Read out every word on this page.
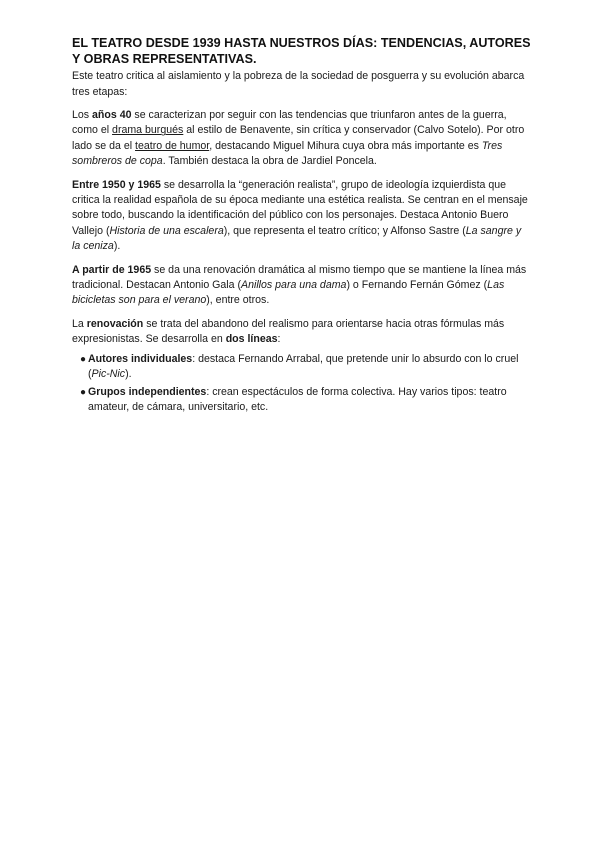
EL TEATRO DESDE 1939 HASTA NUESTROS DÍAS: TENDENCIAS, AUTORES Y OBRAS REPRESENTATIVAS.

Este teatro critica al aislamiento y la pobreza de la sociedad de posguerra y su evolución abarca tres etapas:

Los años 40 se caracterizan por seguir con las tendencias que triunfaron antes de la guerra, como el drama burgués al estilo de Benavente, sin crítica y conservador (Calvo Sotelo). Por otro lado se da el teatro de humor, destacando Miguel Mihura cuya obra más importante es Tres sombreros de copa. También destaca la obra de Jardiel Poncela.

Entre 1950 y 1965 se desarrolla la “generación realista”, grupo de ideología izquierdista que critica la realidad española de su época mediante una estética realista. Se centran en el mensaje sobre todo, buscando la identificación del público con los personajes. Destaca Antonio Buero Vallejo (Historia de una escalera), que representa el teatro crítico; y Alfonso Sastre (La sangre y la ceniza).

A partir de 1965 se da una renovación dramática al mismo tiempo que se mantiene la línea más tradicional. Destacan Antonio Gala (Anillos para una dama) o Fernando Fernán Gómez (Las bicicletas son para el verano), entre otros.

La renovación se trata del abandono del realismo para orientarse hacia otras fórmulas más expresionistas. Se desarrolla en dos líneas:

● Autores individuales: destaca Fernando Arrabal, que pretende unir lo absurdo con lo cruel (Pic-Nic).
● Grupos independientes: crean espectáculos de forma colectiva. Hay varios tipos: teatro amateur, de cámara, universitario, etc.
